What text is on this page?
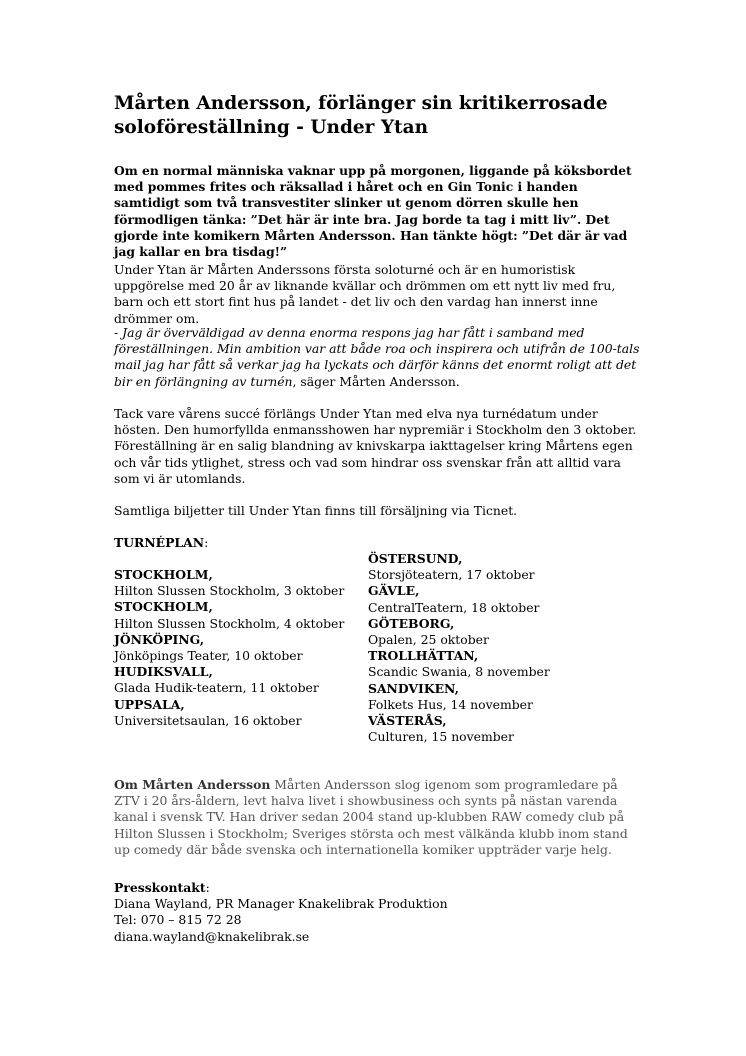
Mårten Andersson, förlänger sin kritikerrosade soloföreställning - Under Ytan

Om en normal människa vaknar upp på morgonen, liggande på köksbordet med pommes frites och räksallad i håret och en Gin Tonic i handen samtidigt som två transvestiter slinker ut genom dörren skulle hen förmodligen tänka: ”Det här är inte bra. Jag borde ta tag i mitt liv”. Det gjorde inte komikern Mårten Andersson. Han tänkte högt: ”Det där är vad jag kallar en bra tisdag!”

Under Ytan är Mårten Anderssons första soloturné och är en humoristisk uppgörelse med 20 år av liknande kvällar och drömmen om ett nytt liv med fru, barn och ett stort fint hus på landet - det liv och den vardag han innerst inne drömmer om.

- Jag är överväldigad av denna enorma respons jag har fått i samband med föreställningen. Min ambition var att både roa och inspirera och utifrån de 100-tals mail jag har fått så verkar jag ha lyckats och därför känns det enormt roligt att det bir en förlängning av turnén, säger Mårten Andersson.

Tack vare vårens succé förlängs Under Ytan med elva nya turnédatum under hösten. Den humorfyllda enmansshowen har nypremiär i Stockholm den 3 oktober. Föreställning är en salig blandning av knivskarpa iakttagelser kring Mårtens egen och vår tids ytlighet, stress och vad som hindrar oss svenskar från att alltid vara som vi är utomlands.

Samtliga biljetter till Under Ytan finns till försäljning via Ticnet.

TURNÉPLAN:

STOCKHOLM,
Hilton Slussen Stockholm, 3 oktober
STOCKHOLM,
Hilton Slussen Stockholm, 4 oktober
JÖNKÖPING,
Jönköpings Teater, 10 oktober
HUDIKSVALL,
Glada Hudik-teatern, 11 oktober
UPPSALA,
Universitetsaulan, 16 oktober
ÖSTERSUND,
Storsjöteatern, 17 oktober
GÄVLE,
CentralTeatern, 18 oktober
GÖTEBORG,
Opalen, 25 oktober
TROLLHÄTTAN,
Scandic Swania, 8 november
SANDVIKEN,
Folkets Hus, 14 november
VÄSTERÅS,
Culturen, 15 november

Om Mårten Andersson Mårten Andersson slog igenom som programledare på ZTV i 20 års-åldern, levt halva livet i showbusiness och synts på nästan varenda kanal i svensk TV. Han driver sedan 2004 stand up-klubben RAW comedy club på Hilton Slussen i Stockholm; Sveriges största och mest välkända klubb inom stand up comedy där både svenska och internationella komiker uppträder varje helg.

Presskontakt:
Diana Wayland, PR Manager Knakelibrak Produktion
Tel: 070 – 815 72 28
diana.wayland@knakelibrak.se
